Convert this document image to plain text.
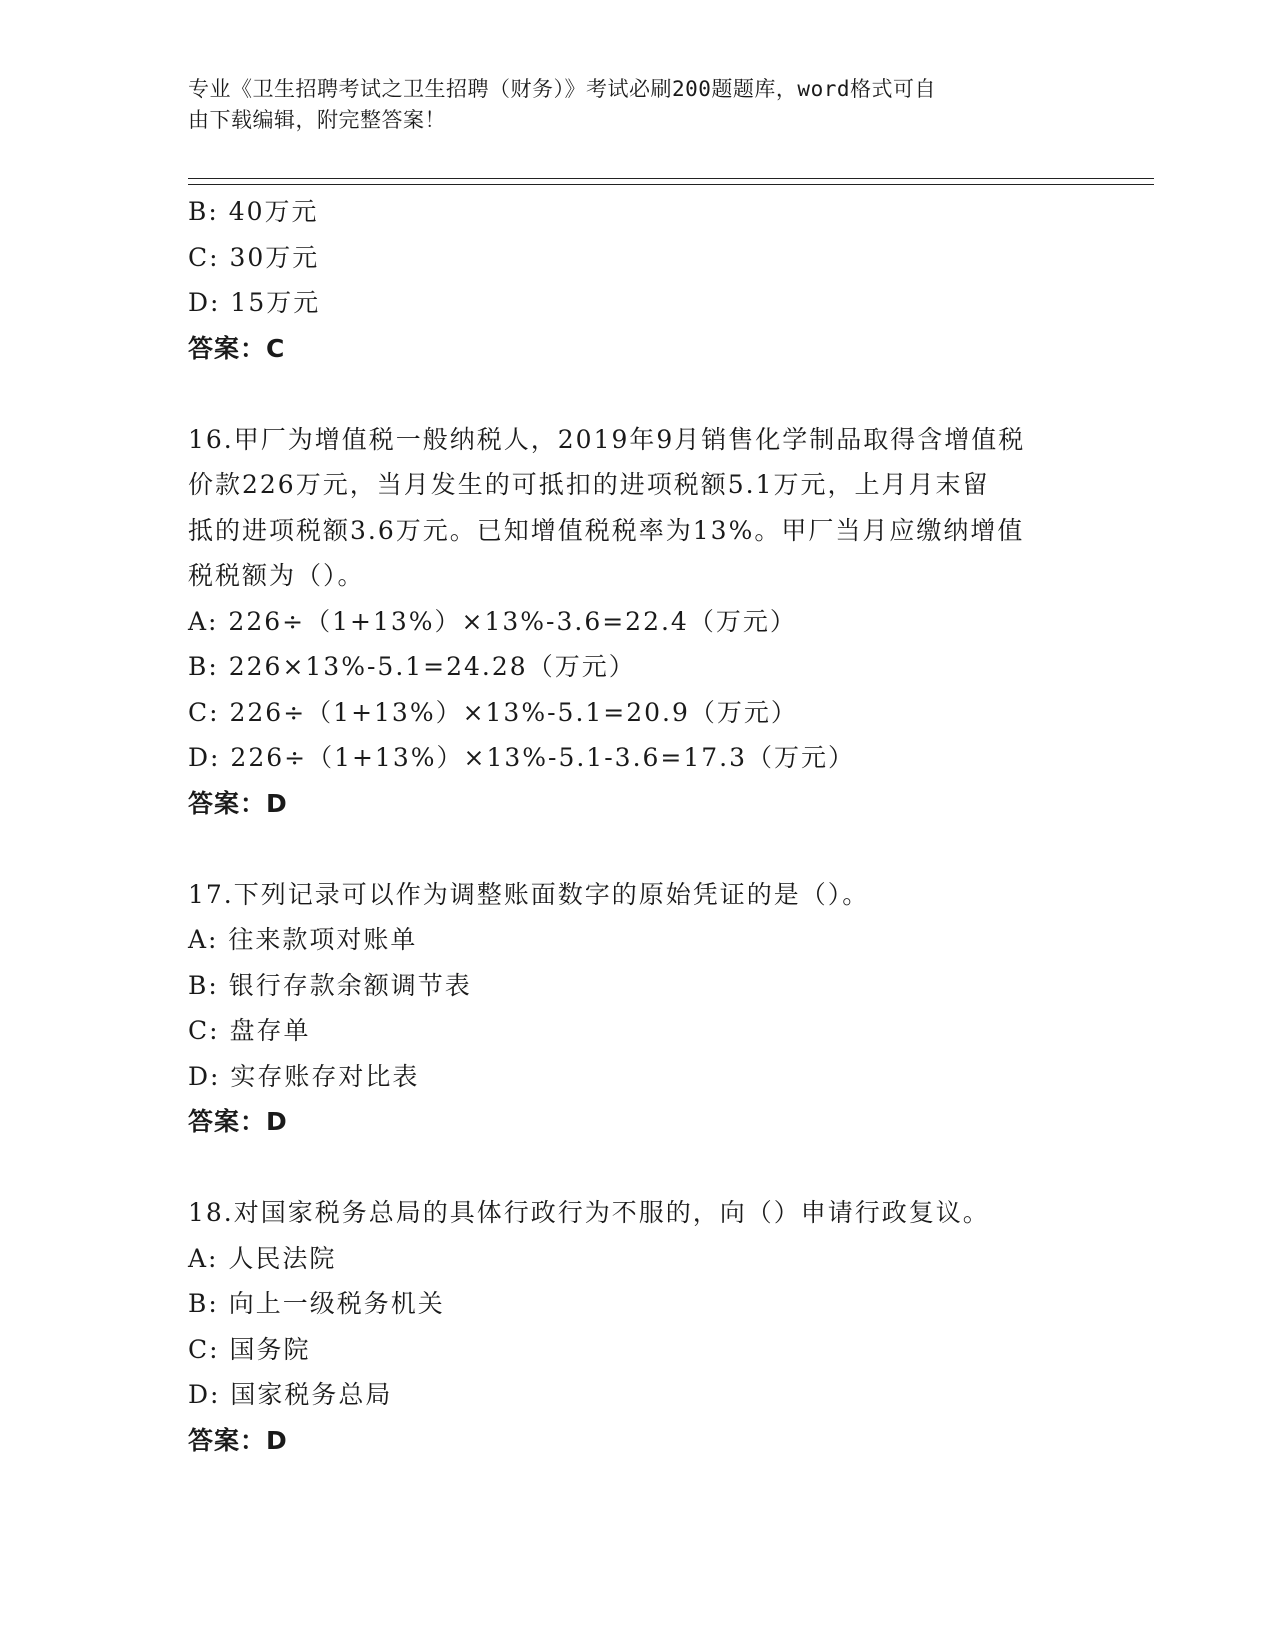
专业《卫生招聘考试之卫生招聘（财务）》考试必刷200题题库，word格式可自
由下载编辑，附完整答案！
B: 40万元
C: 30万元
D: 15万元
答案：C
16.甲厂为增值税一般纳税人，2019年9月销售化学制品取得含增值税
价款226万元，当月发生的可抵扣的进项税额5.1万元，上月月末留
抵的进项税额3.6万元。已知增值税税率为13%。甲厂当月应缴纳增值
税税额为（）。
A: 226÷（1+13%）×13%-3.6=22.4（万元）
B: 226×13%-5.1=24.28（万元）
C: 226÷（1+13%）×13%-5.1=20.9（万元）
D: 226÷（1+13%）×13%-5.1-3.6=17.3（万元）
答案：D
17.下列记录可以作为调整账面数字的原始凭证的是（）。
A: 往来款项对账单
B: 银行存款余额调节表
C: 盘存单
D: 实存账存对比表
答案：D
18.对国家税务总局的具体行政行为不服的，向（）申请行政复议。
A: 人民法院
B: 向上一级税务机关
C: 国务院
D: 国家税务总局
答案：D
